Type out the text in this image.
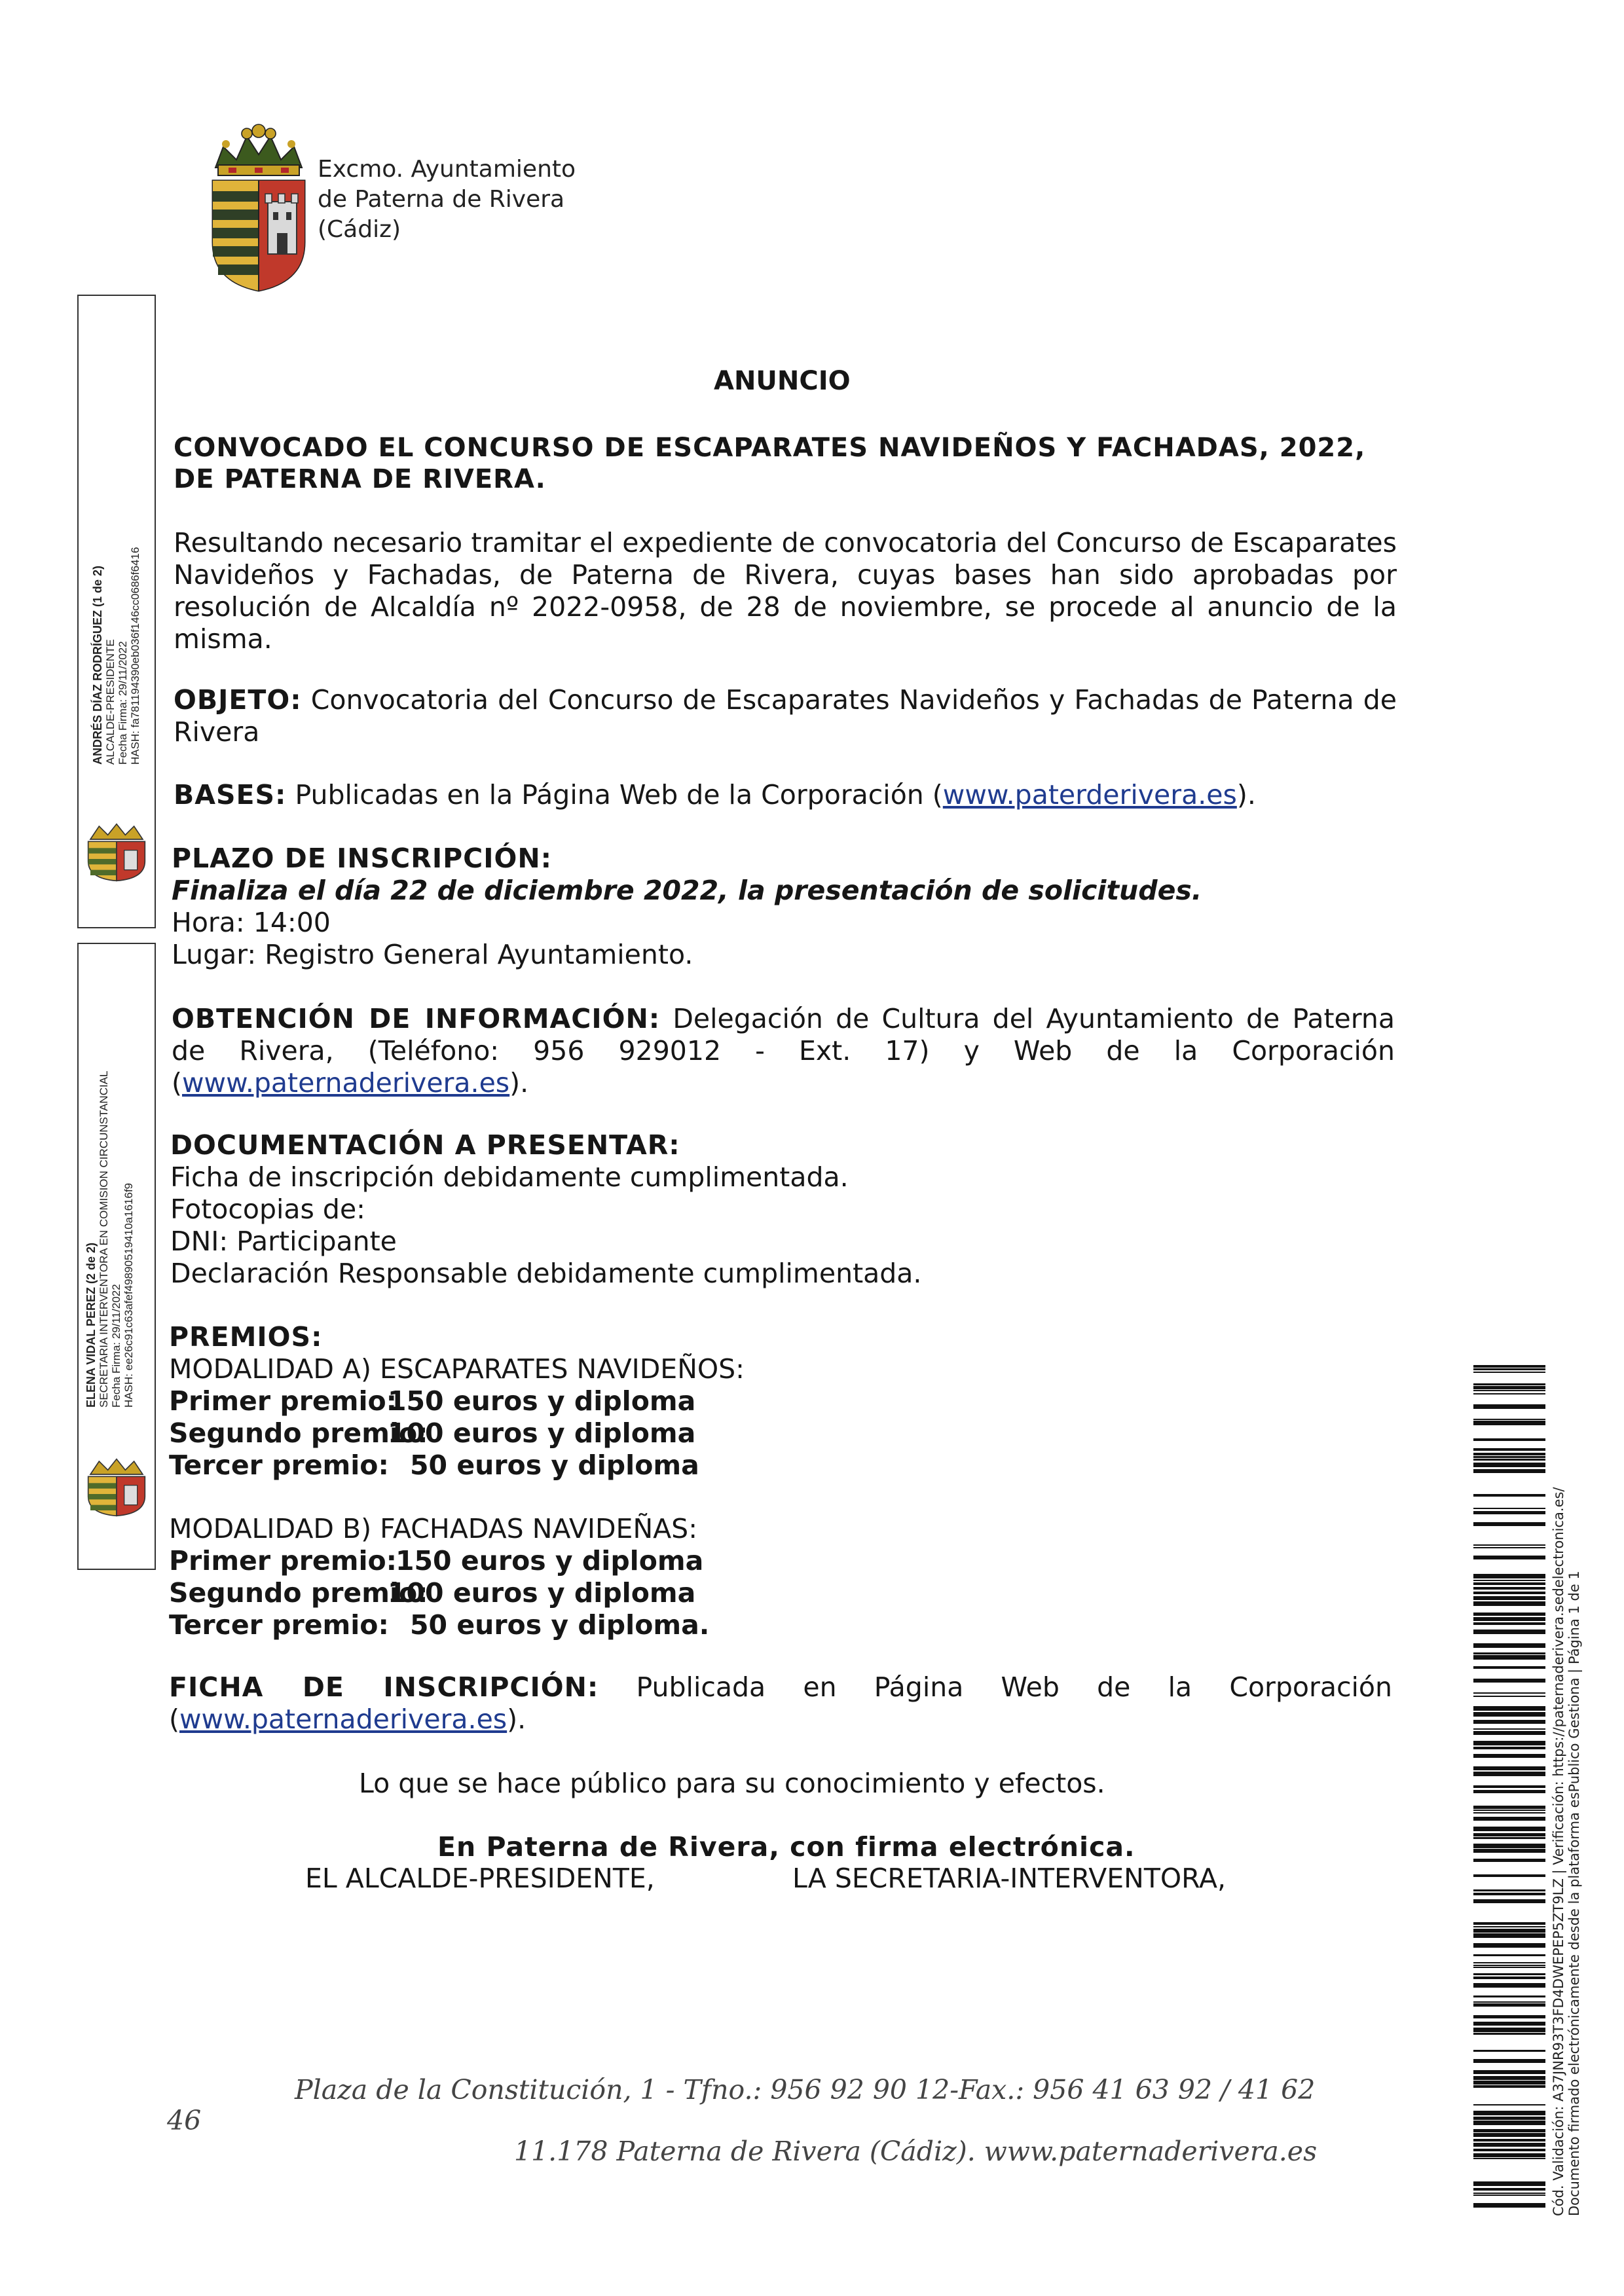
Excmo. Ayuntamiento
de Paterna de Rivera
(Cádiz)
ANDRÉS DÍAZ RODRÍGUEZ (1 de 2)
ALCALDE-PRESIDENTE
Fecha Firma: 29/11/2022
HASH: fa781194390eb036f146cc0686f6416
ELENA VIDAL PEREZ (2 de 2)
SECRETARIA INTERVENTORA EN COMISION CIRCUNSTANCIAL
Fecha Firma: 29/11/2022
HASH: ee26c91c63afef49890519410a1616f9
ANUNCIO
CONVOCADO EL CONCURSO DE ESCAPARATES NAVIDEÑOS Y FACHADAS, 2022,
DE PATERNA DE RIVERA.

Resultando necesario tramitar el expediente de convocatoria del Concurso de Escaparates Navideños y Fachadas, de Paterna de Rivera, cuyas bases han sido aprobadas por resolución de Alcaldía nº 2022-0958, de 28 de noviembre, se procede al anuncio de la misma.

OBJETO: Convocatoria del Concurso de Escaparates Navideños y Fachadas de Paterna de Rivera

BASES: Publicadas en la Página Web de la Corporación (www.paterderivera.es).

PLAZO DE INSCRIPCIÓN:
Finaliza el día 22 de diciembre 2022, la presentación de solicitudes.
Hora: 14:00
Lugar: Registro General Ayuntamiento.

OBTENCIÓN DE INFORMACIÓN: Delegación de Cultura del Ayuntamiento de Paterna de Rivera, (Teléfono: 956 929012 - Ext. 17) y Web de la Corporación (www.paternaderivera.es).

DOCUMENTACIÓN A PRESENTAR:
Ficha de inscripción debidamente cumplimentada.
Fotocopias de:
DNI: Participante
Declaración Responsable debidamente cumplimentada.
PREMIOS:
MODALIDAD A) ESCAPARATES NAVIDEÑOS:
Primer premio:150 euros y diploma
Segundo premio:100 euros y diploma
Tercer premio: 50 euros y diploma
MODALIDAD B) FACHADAS NAVIDEÑAS:
Primer premio:150 euros y diploma
Segundo premio:100 euros y diploma
Tercer premio: 50 euros y diploma.

FICHA DE INSCRIPCIÓN: Publicada en Página Web de la Corporación (www.paternaderivera.es).

Lo que se hace público para su conocimiento y efectos.
En Paterna de Rivera, con firma electrónica.
EL ALCALDE-PRESIDENTE,	LA SECRETARIA-INTERVENTORA,
Plaza de la Constitución, 1 - Tfno.: 956 92 90 12-Fax.: 956 41 63 92 / 41 62
46
11.178 Paterna de Rivera (Cádiz). www.paternaderivera.es	Cód. Validación: A37JNR93T3FD4DWEPEP5ZT9LZ | Verificación: https://paternaderivera.sedelectronica.es/
Documento firmado electrónicamente desde la plataforma esPublico Gestiona | Página 1 de 1
